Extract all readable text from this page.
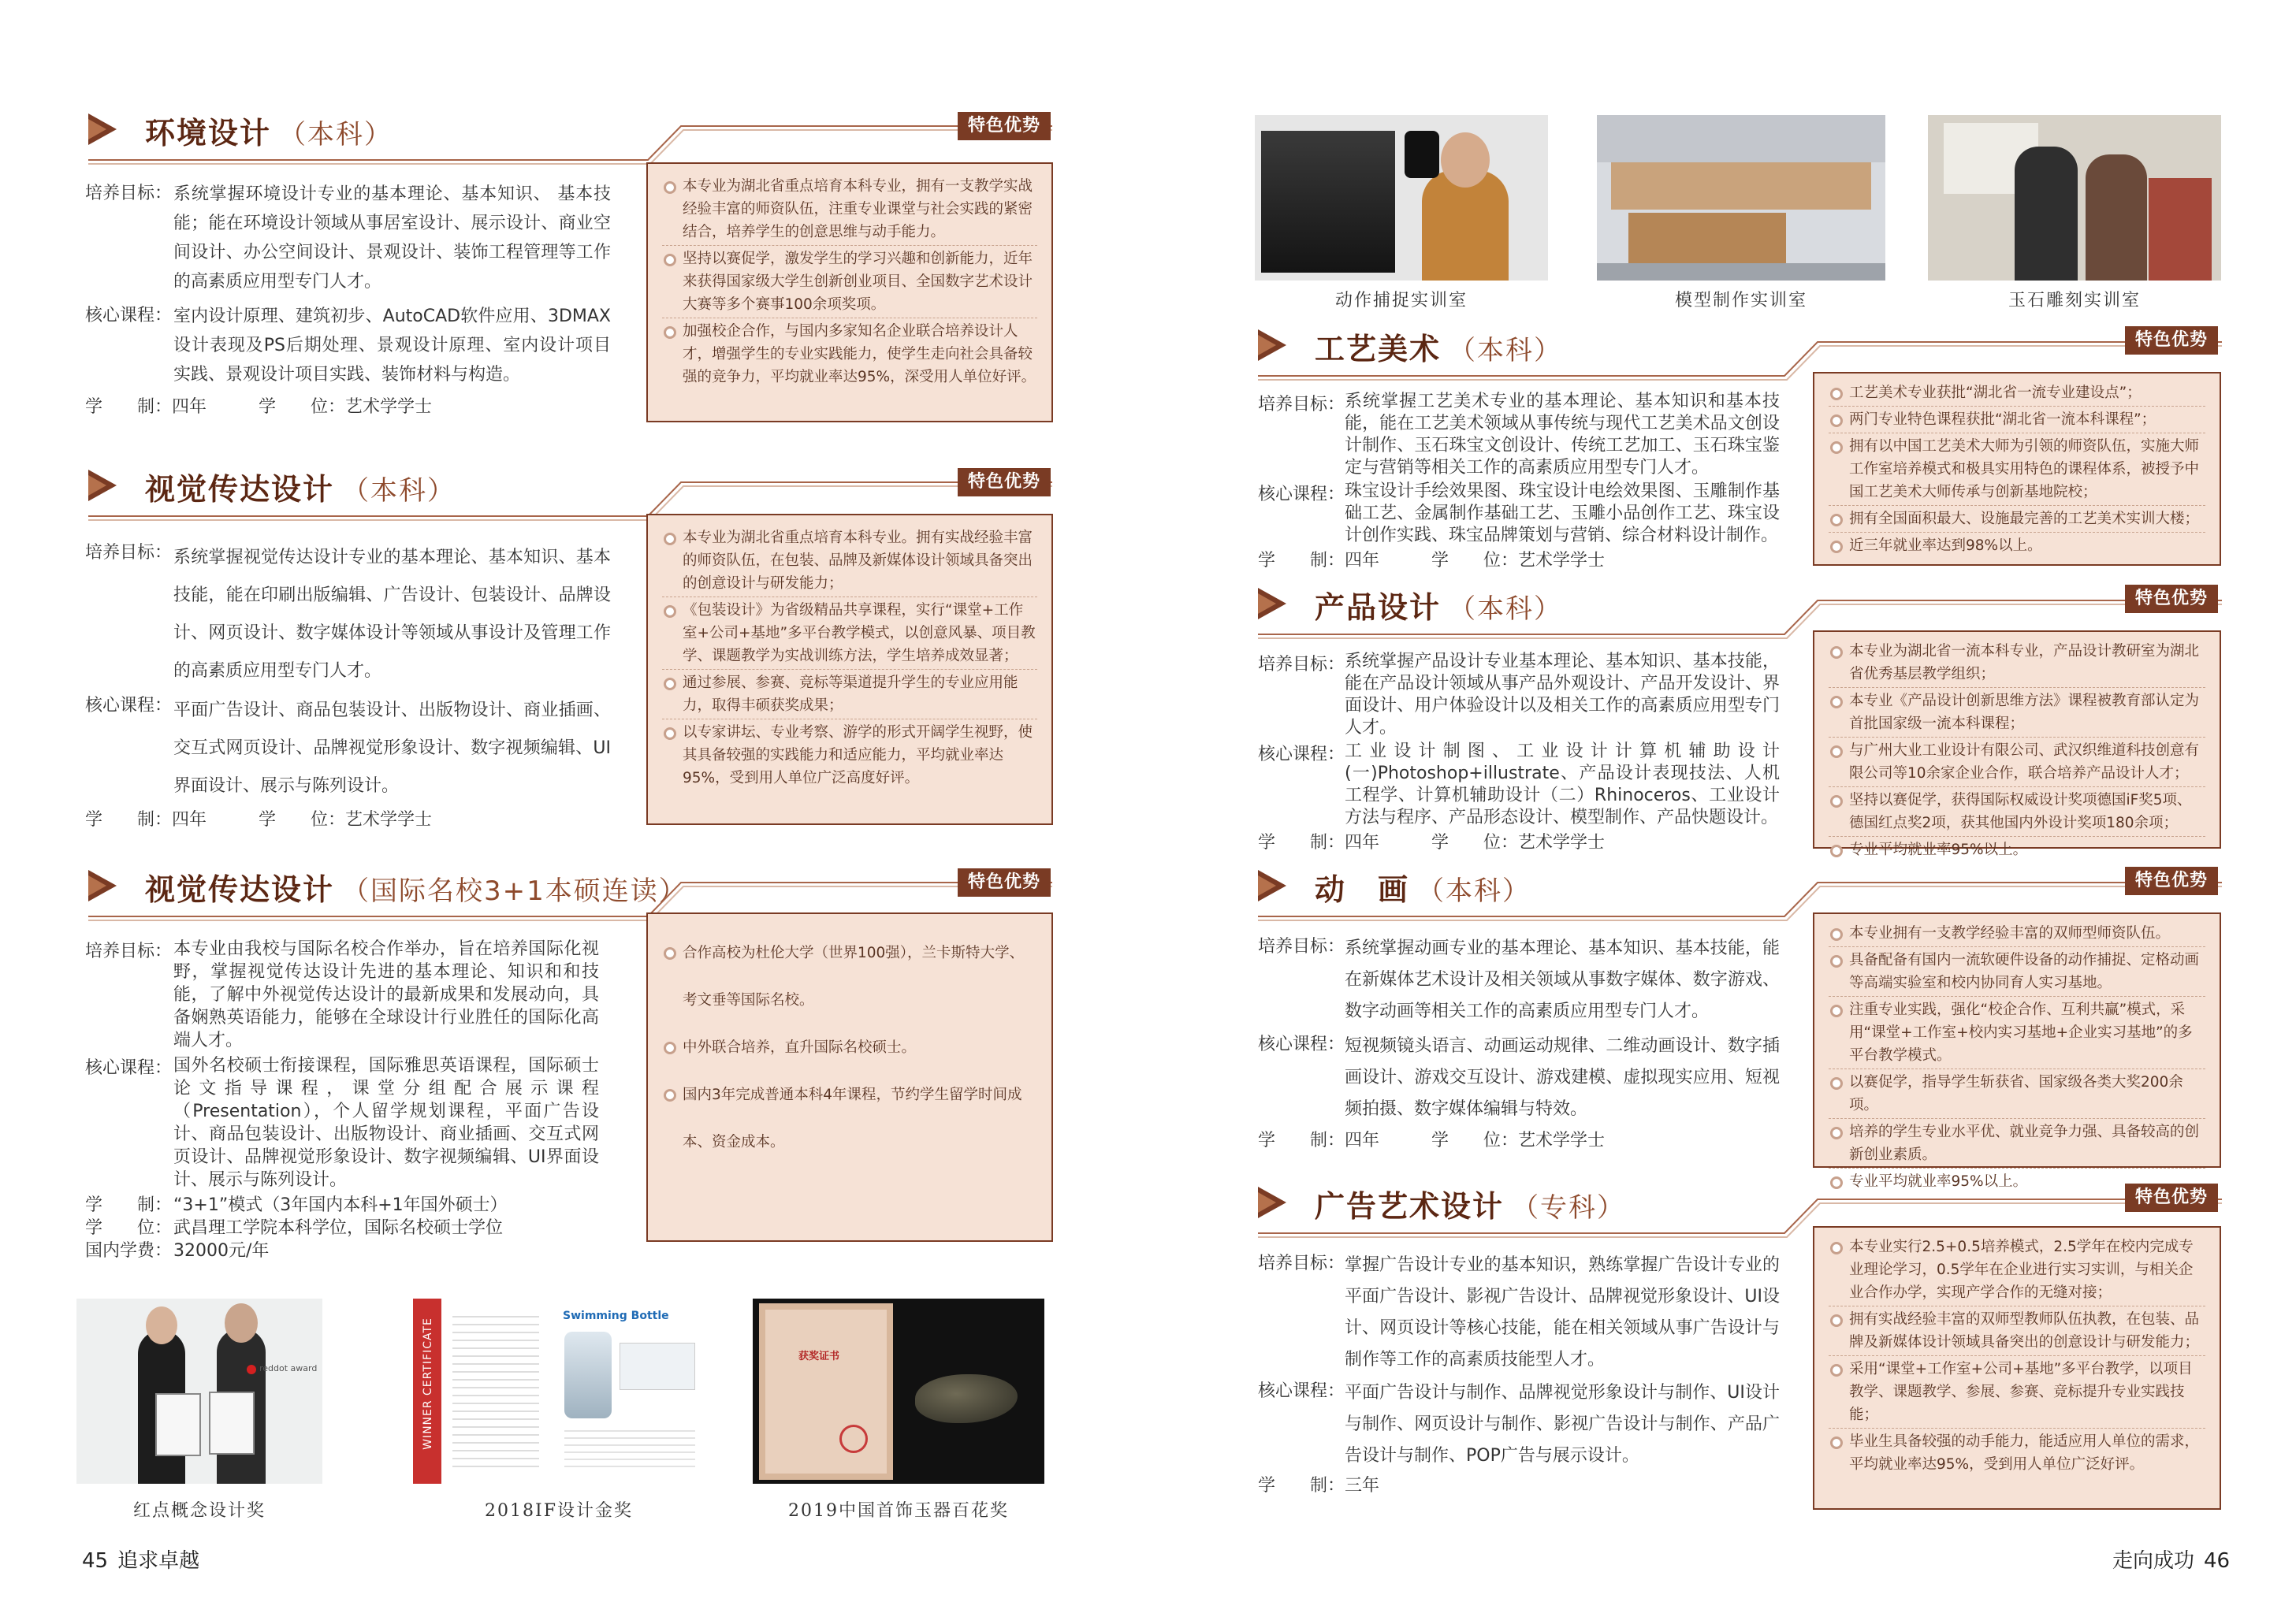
环境设计 （本科）	特色优势
培养目标： 系统掌握环境设计专业的基本理论、基本知识、 基本技能；能在环境设计领域从事居室设计、展示设计、商业空间设计、办公空间设计、景观设计、装饰工程管理等工作的高素质应用型专门人才。
核心课程： 室内设计原理、建筑初步、AutoCAD软件应用、3DMAX设计表现及PS后期处理、景观设计原理、室内设计项目实践、景观设计项目实践、装饰材料与构造。
学　　制：四年　　　学　　位：艺术学学士
本专业为湖北省重点培育本科专业，拥有一支教学实战经验丰富的师资队伍，注重专业课堂与社会实践的紧密结合，培养学生的创意思维与动手能力。
坚持以赛促学，激发学生的学习兴趣和创新能力，近年来获得国家级大学生创新创业项目、全国数字艺术设计大赛等多个赛事100余项奖项。
加强校企合作，与国内多家知名企业联合培养设计人才，增强学生的专业实践能力，使学生走向社会具备较强的竞争力，平均就业率达95%，深受用人单位好评。
视觉传达设计 （本科）	特色优势
培养目标： 系统掌握视觉传达设计专业的基本理论、基本知识、基本技能，能在印刷出版编辑、广告设计、包装设计、品牌设计、网页设计、数字媒体设计等领域从事设计及管理工作的高素质应用型专门人才。
核心课程： 平面广告设计、商品包装设计、出版物设计、商业插画、交互式网页设计、品牌视觉形象设计、数字视频编辑、UI界面设计、展示与陈列设计。
学　　制：四年　　　学　　位：艺术学学士
本专业为湖北省重点培育本科专业。拥有实战经验丰富的师资队伍，在包装、品牌及新媒体设计领域具备突出的创意设计与研发能力；
《包装设计》为省级精品共享课程，实行“课堂+工作室+公司+基地”多平台教学模式，以创意风暴、项目教学、课题教学为实战训练方法，学生培养成效显著；
通过参展、参赛、竞标等渠道提升学生的专业应用能力，取得丰硕获奖成果；
以专家讲坛、专业考察、游学的形式开阔学生视野，使其具备较强的实践能力和适应能力，平均就业率达95%，受到用人单位广泛高度好评。
视觉传达设计 （国际名校3+1本硕连读）	特色优势
培养目标： 本专业由我校与国际名校合作举办，旨在培养国际化视野，掌握视觉传达设计先进的基本理论、知识和和技能，了解中外视觉传达设计的最新成果和发展动向，具备娴熟英语能力，能够在全球设计行业胜任的国际化高端人才。
核心课程： 国外名校硕士衔接课程，国际雅思英语课程，国际硕士论文指导课程，课堂分组配合展示课程（Presentation），个人留学规划课程，平面广告设计、商品包装设计、出版物设计、商业插画、交互式网页设计、品牌视觉形象设计、数字视频编辑、UI界面设计、展示与陈列设计。
学　　制： “3+1”模式（3年国内本科+1年国外硕士）
学　　位： 武昌理工学院本科学位，国际名校硕士学位
国内学费： 32000元/年
合作高校为杜伦大学（世界100强），兰卡斯特大学、考文垂等国际名校。
中外联合培养，直升国际名校硕士。
国内3年完成普通本科4年课程，节约学生留学时间成本、资金成本。
reddot award
红点概念设计奖
WINNER CERTIFICATE
Swimming Bottle
2018IF设计金奖
获奖证书
2019中国首饰玉器百花奖
45 追求卓越
动作捕捉实训室	模型制作实训室	玉石雕刻实训室
工艺美术 （本科）	特色优势
培养目标： 系统掌握工艺美术专业的基本理论、基本知识和基本技能，能在工艺美术领域从事传统与现代工艺美术品文创设计制作、玉石珠宝文创设计、传统工艺加工、玉石珠宝鉴定与营销等相关工作的高素质应用型专门人才。
核心课程： 珠宝设计手绘效果图、珠宝设计电绘效果图、玉雕制作基础工艺、金属制作基础工艺、玉雕小品创作工艺、珠宝设计创作实践、珠宝品牌策划与营销、综合材料设计制作。
学　　制：四年　　　学　　位：艺术学学士
工艺美术专业获批“湖北省一流专业建设点”；
两门专业特色课程获批“湖北省一流本科课程”；
拥有以中国工艺美术大师为引领的师资队伍，实施大师工作室培养模式和极具实用特色的课程体系，被授予中国工艺美术大师传承与创新基地院校；
拥有全国面积最大、设施最完善的工艺美术实训大楼；
近三年就业率达到98%以上。
产品设计 （本科）	特色优势
培养目标： 系统掌握产品设计专业基本理论、基本知识、基本技能，能在产品设计领域从事产品外观设计、产品开发设计、界面设计、用户体验设计以及相关工作的高素质应用型专门人才。
核心课程： 工业设计制图、工业设计计算机辅助设计(一)Photoshop+illustrate、产品设计表现技法、人机工程学、计算机辅助设计（二）Rhinoceros、工业设计方法与程序、产品形态设计、模型制作、产品快题设计。
学　　制：四年　　　学　　位：艺术学学士
本专业为湖北省一流本科专业，产品设计教研室为湖北省优秀基层教学组织；
本专业《产品设计创新思维方法》课程被教育部认定为首批国家级一流本科课程；
与广州大业工业设计有限公司、武汉织维道科技创意有限公司等10余家企业合作，联合培养产品设计人才；
坚持以赛促学，获得国际权威设计奖项德国iF奖5项、德国红点奖2项，获其他国内外设计奖项180余项；
专业平均就业率95%以上。
动　画 （本科）	特色优势
培养目标： 系统掌握动画专业的基本理论、基本知识、基本技能，能在新媒体艺术设计及相关领域从事数字媒体、数字游戏、数字动画等相关工作的高素质应用型专门人才。
核心课程： 短视频镜头语言、动画运动规律、二维动画设计、数字插画设计、游戏交互设计、游戏建模、虚拟现实应用、短视频拍摄、数字媒体编辑与特效。
学　　制：四年　　　学　　位：艺术学学士
本专业拥有一支教学经验丰富的双师型师资队伍。
具备配备有国内一流软硬件设备的动作捕捉、定格动画等高端实验室和校内协同育人实习基地。
注重专业实践，强化“校企合作、互利共赢”模式，采用“课堂+工作室+校内实习基地+企业实习基地”的多平台教学模式。
以赛促学，指导学生斩获省、国家级各类大奖200余项。
培养的学生专业水平优、就业竞争力强、具备较高的创新创业素质。
专业平均就业率95%以上。
广告艺术设计 （专科）	特色优势
培养目标： 掌握广告设计专业的基本知识，熟练掌握广告设计专业的平面广告设计、影视广告设计、品牌视觉形象设计、UI设计、网页设计等核心技能，能在相关领域从事广告设计与制作等工作的高素质技能型人才。
核心课程： 平面广告设计与制作、品牌视觉形象设计与制作、UI设计与制作、网页设计与制作、影视广告设计与制作、产品广告设计与制作、POP广告与展示设计。
学　　制：三年
本专业实行2.5+0.5培养模式，2.5学年在校内完成专业理论学习，0.5学年在企业进行实习实训，与相关企业合作办学，实现产学合作的无缝对接；
拥有实战经验丰富的双师型教师队伍执教，在包装、品牌及新媒体设计领域具备突出的创意设计与研发能力；
采用“课堂+工作室+公司+基地”多平台教学，以项目教学、课题教学、参展、参赛、竞标提升专业实践技能；
毕业生具备较强的动手能力，能适应用人单位的需求，平均就业率达95%，受到用人单位广泛好评。
走向成功 46
